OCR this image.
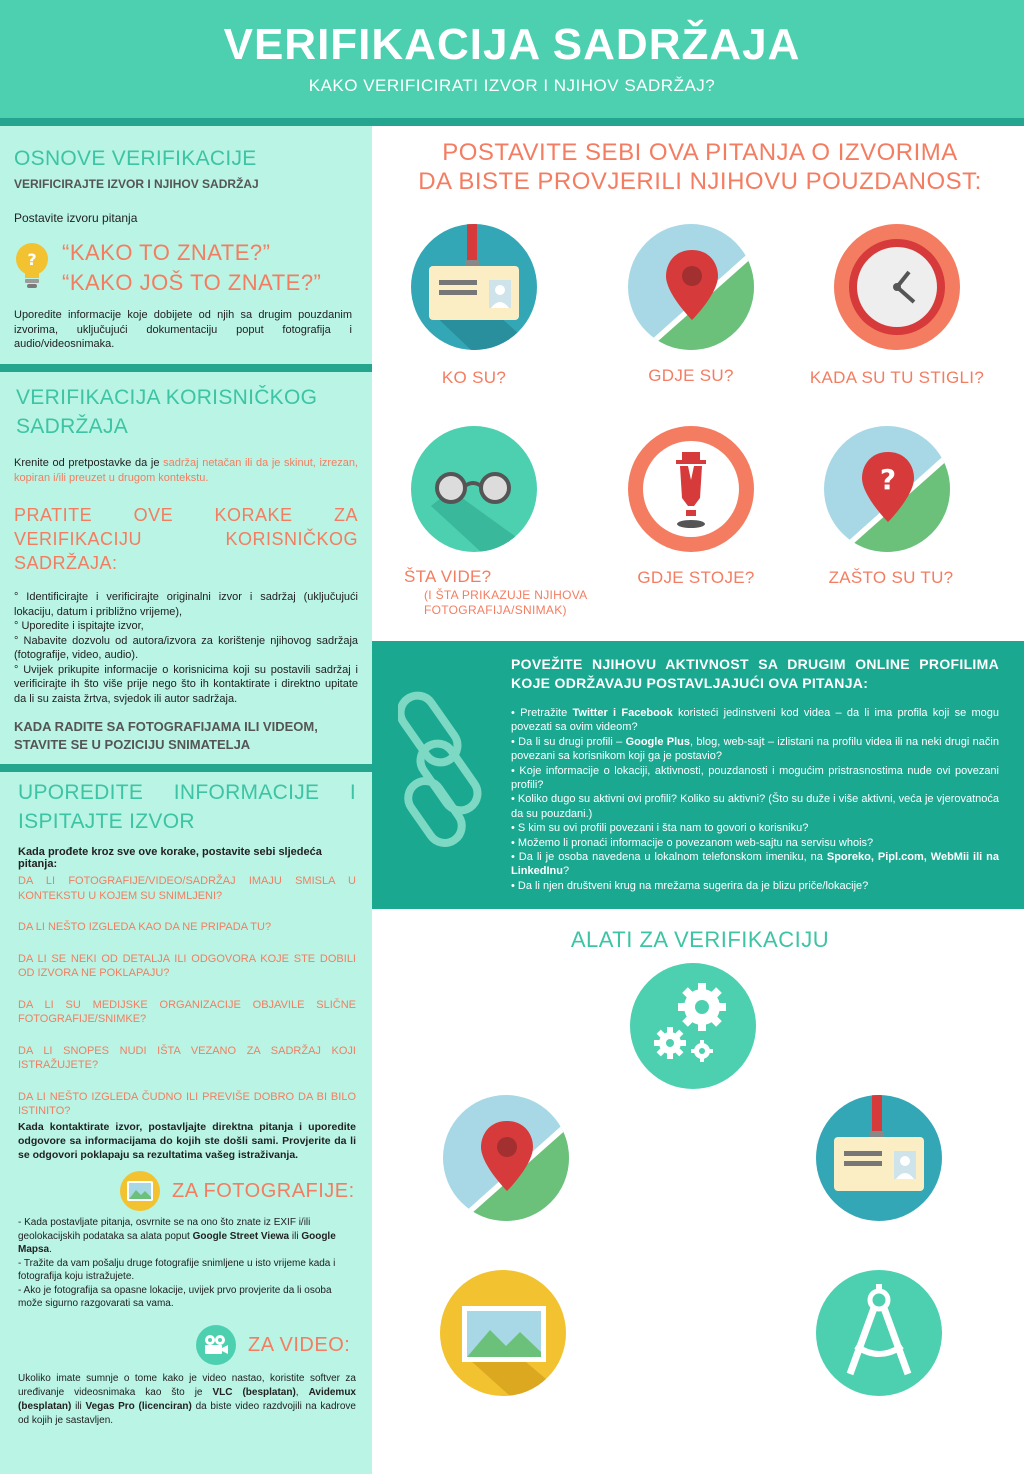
VERIFIKACIJA SADRŽAJA
KAKO VERIFICIRATI IZVOR I NJIHOV SADRŽAJ?
OSNOVE VERIFIKACIJE
VERIFICIRAJTE IZVOR I NJIHOV SADRŽAJ
Postavite izvoru pitanja
? “KAKO TO ZNATE?”
“KAKO JOŠ TO ZNATE?”
Uporedite informacije koje dobijete od njih sa drugim pouzdanim izvorima, uključujući dokumentaciju poput fotografija i audio/videosnimaka.
VERIFIKACIJA KORISNIČKOG
SADRŽAJA
Krenite od pretpostavke da je sadržaj netačan ili da je skinut, izrezan, kopiran i/ili preuzet u drugom kontekstu.
PRATITE OVE KORAKE ZA VERIFIKACIJU KORISNIČKOG SADRŽAJA:
° Identificirajte i verificirajte originalni izvor i sadržaj (uključujući lokaciju, datum i približno vrijeme),
° Uporedite i ispitajte izvor,
° Nabavite dozvolu od autora/izvora za korištenje njihovog sadržaja (fotografije, video, audio).
° Uvijek prikupite informacije o korisnicima koji su postavili sadržaj i verificirajte ih što više prije nego što ih kontaktirate i direktno upitate da li su zaista žrtva, svjedok ili autor sadržaja.
KADA RADITE SA FOTOGRAFIJAMA ILI VIDEOM, STAVITE SE U POZICIJU SNIMATELJA
UPOREDITE INFORMACIJE I
ISPITAJTE IZVOR
Kada prođete kroz sve ove korake, postavite sebi sljedeća pitanja:
DA LI FOTOGRAFIJE/VIDEO/SADRŽAJ IMAJU SMISLA U KONTEKSTU U KOJEM SU SNIMLJENI?
DA LI NEŠTO IZGLEDA KAO DA NE PRIPADA TU?
DA LI SE NEKI OD DETALJA ILI ODGOVORA KOJE STE DOBILI OD IZVORA NE POKLAPAJU?
DA LI SU MEDIJSKE ORGANIZACIJE OBJAVILE SLIČNE FOTOGRAFIJE/SNIMKE?
DA LI SNOPES NUDI IŠTA VEZANO ZA SADRŽAJ KOJI ISTRAŽUJETE?
DA LI NEŠTO IZGLEDA ČUDNO ILI PREVIŠE DOBRO DA BI BILO ISTINITO?
Kada kontaktirate izvor, postavljajte direktna pitanja i uporedite odgovore sa informacijama do kojih ste došli sami. Provjerite da li se odgovori poklapaju sa rezultatima vašeg istraživanja.
ZA FOTOGRAFIJE:
- Kada postavljate pitanja, osvrnite se na ono što znate iz EXIF i/ili geolokacijskih podataka sa alata poput Google Street Viewa ili Google Mapsa.
- Tražite da vam pošalju druge fotografije snimljene u isto vrijeme kada i fotografija koju istražujete.
- Ako je fotografija sa opasne lokacije, uvijek prvo provjerite da li osoba može sigurno razgovarati sa vama.
ZA VIDEO:
Ukoliko imate sumnje o tome kako je video nastao, koristite softver za uređivanje videosnimaka kao što je VLC (besplatan), Avidemux (besplatan) ili Vegas Pro (licenciran) da biste video razdvojili na kadrove od kojih je sastavljen.
POSTAVITE SEBI OVA PITANJA O IZVORIMA
DA BISTE PROVJERILI NJIHOVU POUZDANOST:
KO SU?	GDJE SU?	KADA SU TU STIGLI?
?
ŠTA VIDE?
(I ŠTA PRIKAZUJE NJIHOVA
FOTOGRAFIJA/SNIMAK)
GDJE STOJE?	ZAŠTO SU TU?
POVEŽITE NJIHOVU AKTIVNOST SA DRUGIM ONLINE PROFILIMA KOJE ODRŽAVAJU POSTAVLJAJUĆI OVA PITANJA:
• Pretražite Twitter i Facebook koristeći jedinstveni kod videa – da li ima profila koji se mogu povezati sa ovim videom?
• Da li su drugi profili – Google Plus, blog, web-sajt – izlistani na profilu videa ili na neki drugi način povezani sa korisnikom koji ga je postavio?
• Koje informacije o lokaciji, aktivnosti, pouzdanosti i mogućim pristrasnostima nude ovi povezani profili?
• Koliko dugo su aktivni ovi profili? Koliko su aktivni? (Što su duže i više aktivni, veća je vjerovatnoća da su pouzdani.)
• S kim su ovi profili povezani i šta nam to govori o korisniku?
• Možemo li pronaći informacije o povezanom web-sajtu na servisu whois?
• Da li je osoba navedena u lokalnom telefonskom imeniku, na Sporeko, Pipl.com, WebMii ili na LinkedInu?
• Da li njen društveni krug na mrežama sugerira da je blizu priče/lokacije?
ALATI ZA VERIFIKACIJU
